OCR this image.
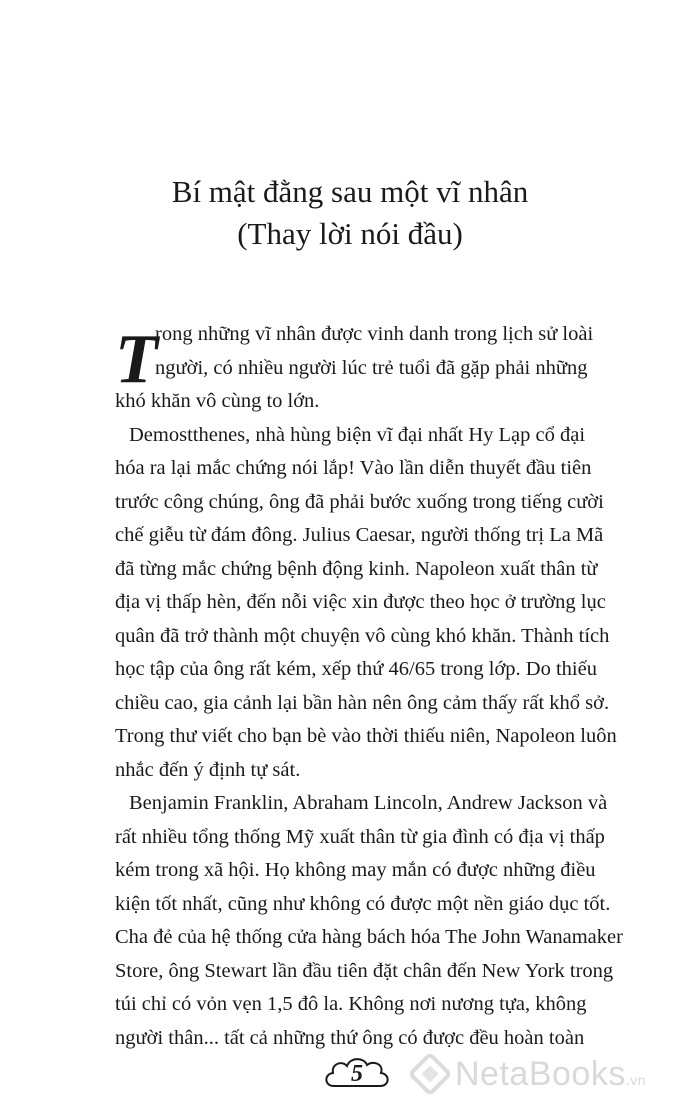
Bí mật đằng sau một vĩ nhân
(Thay lời nói đầu)
T
rong những vĩ nhân được vinh danh trong lịch sử loài
người, có nhiều người lúc trẻ tuổi đã gặp phải những
khó khăn vô cùng to lớn.
Demostthenes, nhà hùng biện vĩ đại nhất Hy Lạp cổ đại
hóa ra lại mắc chứng nói lắp! Vào lần diễn thuyết đầu tiên
trước công chúng, ông đã phải bước xuống trong tiếng cười
chế giễu từ đám đông. Julius Caesar, người thống trị La Mã
đã từng mắc chứng bệnh động kinh. Napoleon xuất thân từ
địa vị thấp hèn, đến nỗi việc xin được theo học ở trường lục
quân đã trở thành một chuyện vô cùng khó khăn. Thành tích
học tập của ông rất kém, xếp thứ 46/65 trong lớp. Do thiếu
chiều cao, gia cảnh lại bần hàn nên ông cảm thấy rất khổ sở.
Trong thư viết cho bạn bè vào thời thiếu niên, Napoleon luôn
nhắc đến ý định tự sát.
Benjamin Franklin, Abraham Lincoln, Andrew Jackson và
rất nhiều tổng thống Mỹ xuất thân từ gia đình có địa vị thấp
kém trong xã hội. Họ không may mắn có được những điều
kiện tốt nhất, cũng như không có được một nền giáo dục tốt.
Cha đẻ của hệ thống cửa hàng bách hóa The John Wanamaker
Store, ông Stewart lần đầu tiên đặt chân đến New York trong
túi chỉ có vỏn vẹn 1,5 đô la. Không nơi nương tựa, không
người thân... tất cả những thứ ông có được đều hoàn toàn
5	NetaBooks.vn
